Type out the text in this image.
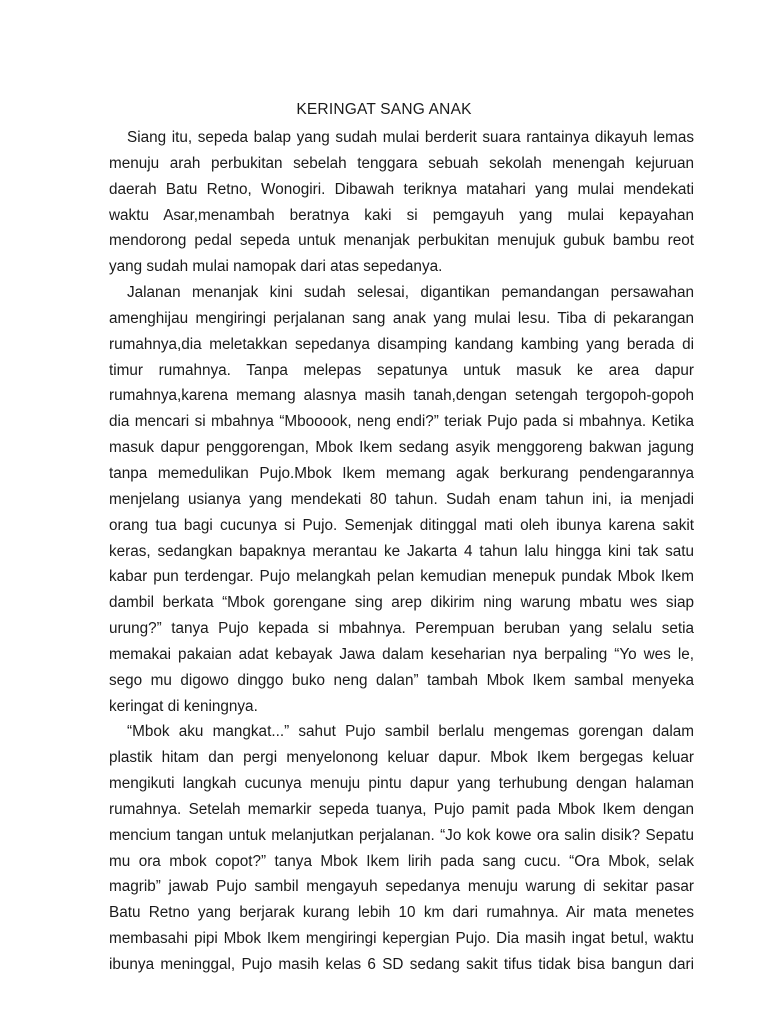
KERINGAT SANG ANAK
Siang itu, sepeda balap yang sudah mulai berderit suara rantainya dikayuh lemas
menuju arah perbukitan sebelah tenggara sebuah sekolah menengah kejuruan
daerah Batu Retno, Wonogiri. Dibawah teriknya matahari yang mulai mendekati
waktu Asar,menambah beratnya kaki si pemgayuh yang mulai kepayahan
mendorong pedal sepeda untuk menanjak perbukitan menujuk gubuk bambu reot
yang sudah mulai namopak dari atas sepedanya.
Jalanan menanjak kini sudah selesai, digantikan pemandangan persawahan
amenghijau mengiringi perjalanan sang anak yang mulai lesu. Tiba di pekarangan
rumahnya,dia meletakkan sepedanya disamping kandang kambing yang berada di
timur rumahnya. Tanpa melepas sepatunya untuk masuk ke area dapur
rumahnya,karena memang alasnya masih tanah,dengan setengah tergopoh-gopoh
dia mencari si mbahnya “Mbooook, neng endi?” teriak Pujo pada si mbahnya. Ketika
masuk dapur penggorengan, Mbok Ikem sedang asyik menggoreng bakwan jagung
tanpa memedulikan Pujo.Mbok Ikem memang agak berkurang pendengarannya
menjelang usianya yang mendekati 80 tahun. Sudah enam tahun ini, ia menjadi
orang tua bagi cucunya si Pujo. Semenjak ditinggal mati oleh ibunya karena sakit
keras, sedangkan bapaknya merantau ke Jakarta 4 tahun lalu hingga kini tak satu
kabar pun terdengar. Pujo melangkah pelan kemudian menepuk pundak Mbok Ikem
dambil berkata “Mbok gorengane sing arep dikirim ning warung mbatu wes siap
urung?” tanya Pujo kepada si mbahnya. Perempuan beruban yang selalu setia
memakai pakaian adat kebayak Jawa dalam keseharian nya berpaling “Yo wes le,
sego mu digowo dinggo buko neng dalan” tambah Mbok Ikem sambal menyeka
keringat di keningnya.
“Mbok aku mangkat...” sahut Pujo sambil berlalu mengemas gorengan dalam
plastik hitam dan pergi menyelonong keluar dapur. Mbok Ikem bergegas keluar
mengikuti langkah cucunya menuju pintu dapur yang terhubung dengan halaman
rumahnya. Setelah memarkir sepeda tuanya, Pujo pamit pada Mbok Ikem dengan
mencium tangan untuk melanjutkan perjalanan. “Jo kok kowe ora salin disik? Sepatu
mu ora mbok copot?” tanya Mbok Ikem lirih pada sang cucu. “Ora Mbok, selak
magrib” jawab Pujo sambil mengayuh sepedanya menuju warung di sekitar pasar
Batu Retno yang berjarak kurang lebih 10 km dari rumahnya. Air mata menetes
membasahi pipi Mbok Ikem mengiringi kepergian Pujo. Dia masih ingat betul, waktu
ibunya meninggal, Pujo masih kelas 6 SD sedang sakit tifus tidak bisa bangun dari
